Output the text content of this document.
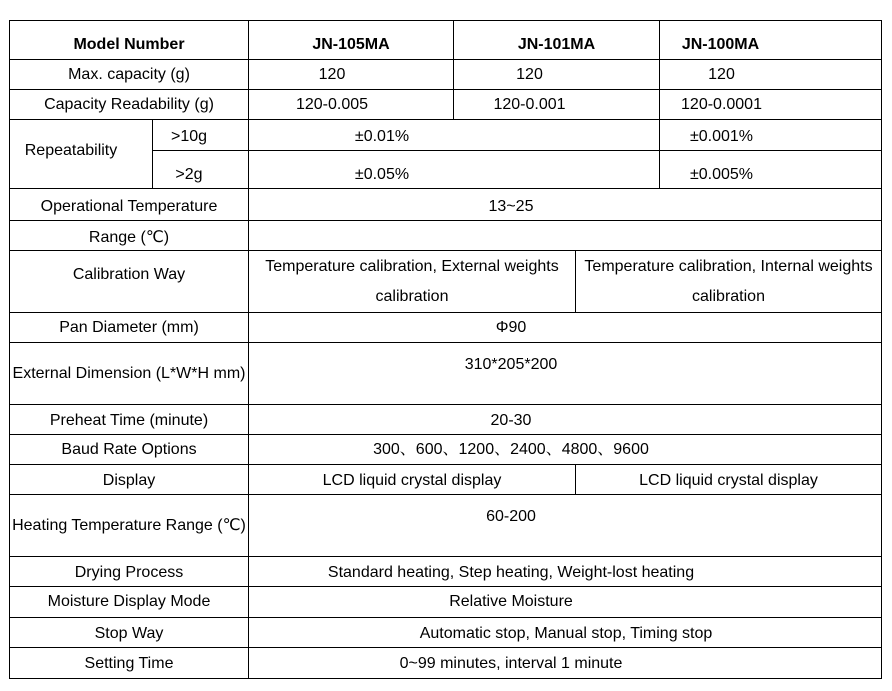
Model Number	JN-105MA	JN-101MA	JN-100MA
Max. capacity (g)	120	120	120
Capacity Readability (g)	120-0.005	120-0.001	120-0.0001
Repeatability
>10g	±0.01%	±0.001%
>2g	±0.05%	±0.005%
Operational Temperature	13~25
Range (℃)
Calibration Way	Temperature calibration, External weights calibration
Temperature calibration, Internal weights calibration
Pan Diameter (mm)	Φ90
External Dimension (L*W*H mm)	310*205*200
Preheat Time (minute)	20-30
Baud Rate Options	300、600、1200、2400、4800、9600
Display	LCD liquid crystal display	LCD liquid crystal display
Heating Temperature Range (℃)	60-200
Drying Process	Standard heating, Step heating, Weight-lost heating
Moisture Display Mode	Relative Moisture
Stop Way	Automatic stop, Manual stop, Timing stop
Setting Time	0~99 minutes, interval 1 minute
